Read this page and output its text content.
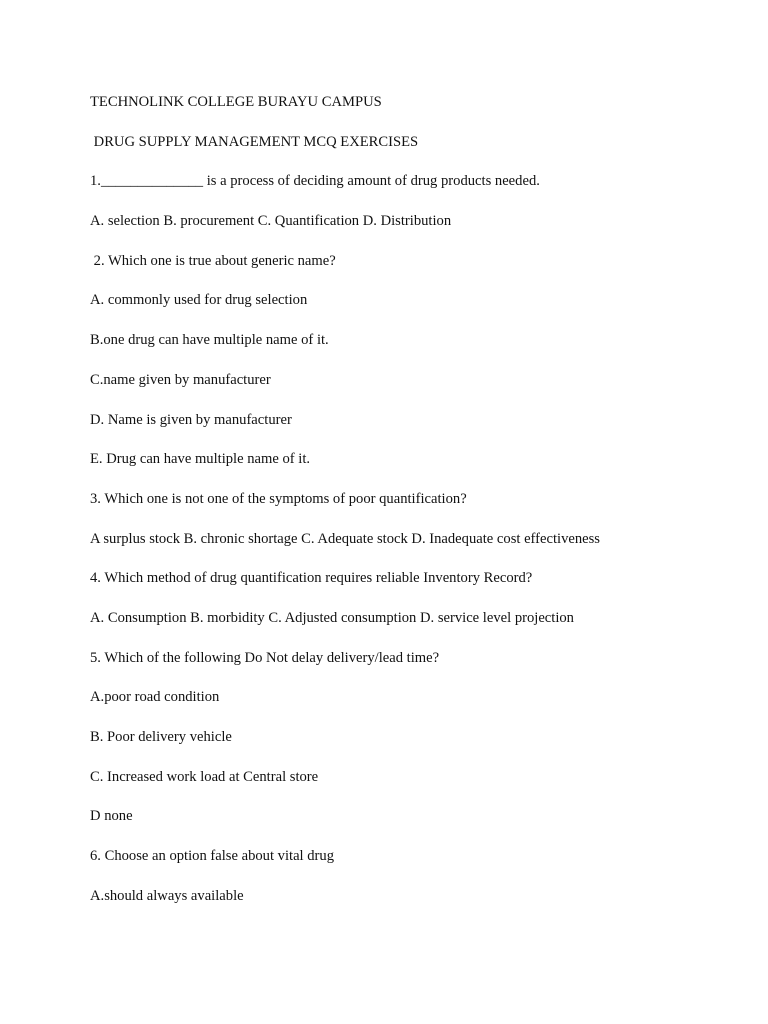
TECHNOLINK COLLEGE BURAYU CAMPUS
DRUG SUPPLY MANAGEMENT MCQ EXERCISES
1.______________ is a process of deciding amount of drug products needed.
A. selection B. procurement C. Quantification D. Distribution
2. Which one is true about generic name?
A. commonly used for drug selection
B.one drug can have multiple name of it.
C.name given by manufacturer
D. Name is given by manufacturer
E. Drug can have multiple name of it.
3. Which one is not one of the symptoms of poor quantification?
A surplus stock B. chronic shortage C. Adequate stock D. Inadequate cost effectiveness
4. Which method of drug quantification requires reliable Inventory Record?
A. Consumption B. morbidity C. Adjusted consumption D. service level projection
5. Which of the following Do Not delay delivery/lead time?
A.poor road condition
B. Poor delivery vehicle
C. Increased work load at Central store
D none
6. Choose an option false about vital drug
A.should always available
